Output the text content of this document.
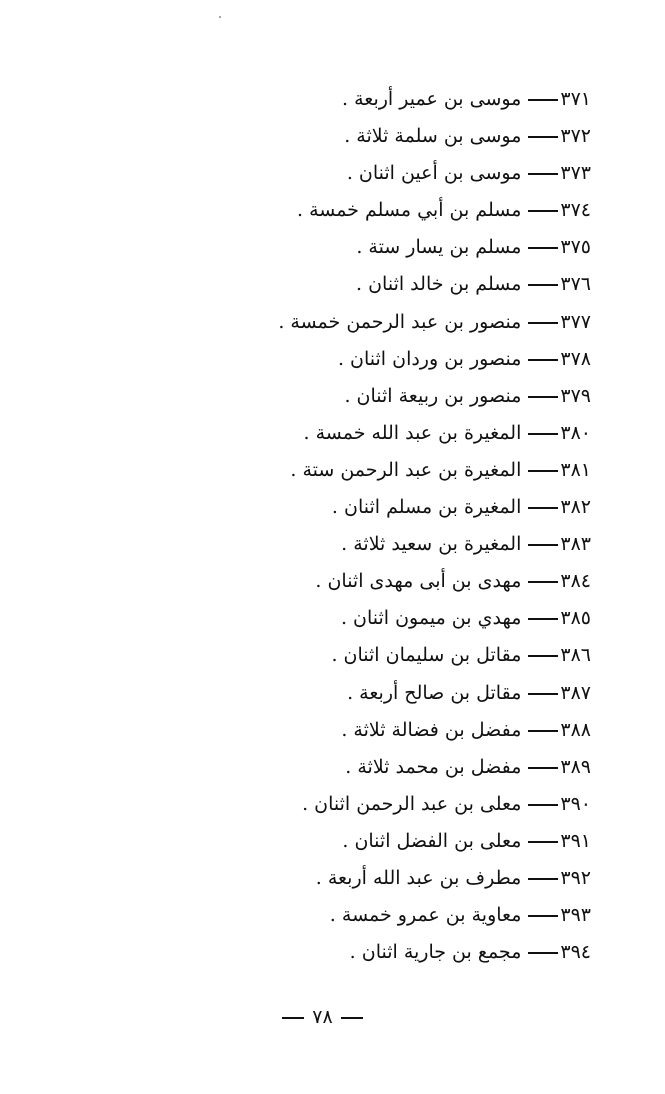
٣٧١موسى بن عمير أربعة .
٣٧٢موسى بن سلمة ثلاثة .
٣٧٣موسى بن أعين اثنان .
٣٧٤مسلم بن أبي مسلم خمسة .
٣٧٥مسلم بن يسار ستة .
٣٧٦مسلم بن خالد اثنان .
٣٧٧منصور بن عبد الرحمن خمسة .
٣٧٨منصور بن وردان اثنان .
٣٧٩منصور بن ربيعة اثنان .
٣٨٠المغيرة بن عبد الله خمسة .
٣٨١المغيرة بن عبد الرحمن ستة .
٣٨٢المغيرة بن مسلم اثنان .
٣٨٣المغيرة بن سعيد ثلاثة .
٣٨٤مهدى بن أبى مهدى اثنان .
٣٨٥مهدي بن ميمون اثنان .
٣٨٦مقاتل بن سليمان اثنان .
٣٨٧مقاتل بن صالح أربعة .
٣٨٨مفضل بن فضالة ثلاثة .
٣٨٩مفضل بن محمد ثلاثة .
٣٩٠معلى بن عبد الرحمن اثنان .
٣٩١معلى بن الفضل اثنان .
٣٩٢مطرف بن عبد الله أربعة .
٣٩٣معاوية بن عمرو خمسة .
٣٩٤مجمع بن جارية اثنان .
٧٨
